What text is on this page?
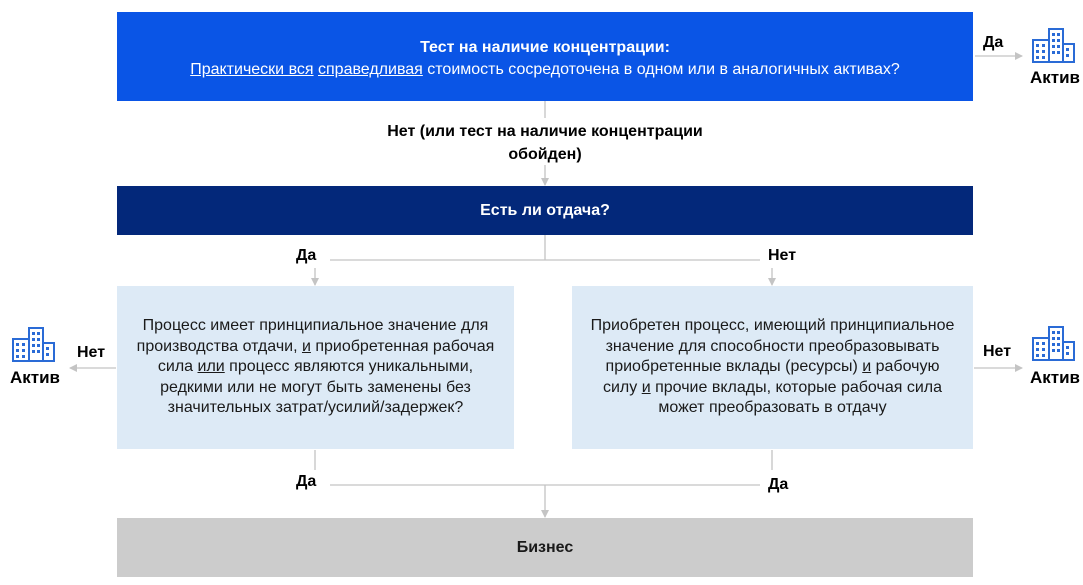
Тест на наличие концентрации:
Практически вся справедливая стоимость сосредоточена в одном или в аналогичных активах?
Да
Актив
Нет (или тест на наличие концентрации обойден)
Есть ли отдача?
Да	Нет
Процесс имеет принципиальное значение для производства отдачи, и приобретенная рабочая сила или процесс являются уникальными, редкими или не могут быть заменены без значительных затрат/усилий/задержек?
Приобретен процесс, имеющий принципиальное значение для способности преобразовывать приобретенные вклады (ресурсы) и рабочую силу и прочие вклады, которые рабочая сила может преобразовать в отдачу
Нет
Актив
Нет
Актив
Да	Да
Бизнес
